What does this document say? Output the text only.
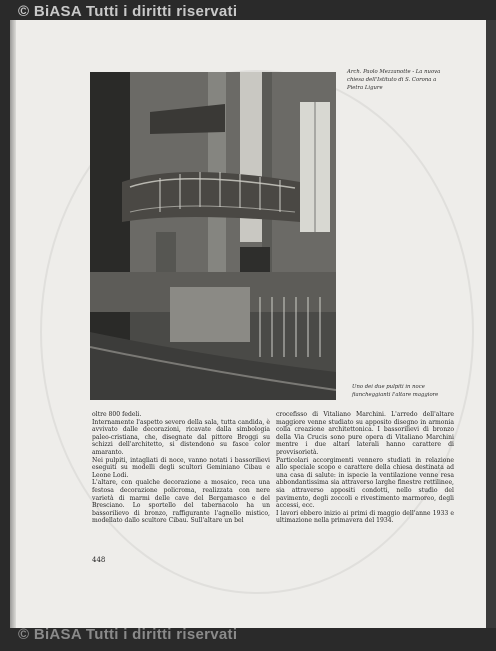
© BiASA Tutti i diritti riservati
Arch. Paolo Mezzanotte - La nuova chiesa dell'Istituto di S. Corona a Pietra Ligure
Uno dei due pulpiti in noce fiancheggianti l'altare maggiore

oltre 800 fedeli.

Internamente l'aspetto severo della sala, tutta candida, è avvivato dalle decorazioni, ricavate dalla simbologia paleo-cristiana, che, disegnate dal pittore Broggi su schizzi dell'architetto, si distendono su fasce color amaranto.

Nei pulpiti, intagliati di noce, vanno notati i bassorilievi eseguiti su modelli degli scultori Geminiano Cibau e Leone Lodi.

L'altare, con qualche decorazione a mosaico, reca una festosa decorazione policroma, realizzata con nere varietà di marmi delle cave del Bergamasco e del Bresciano. Lo sportello del tabernacolo ha un bassorilievo di bronzo, raffigurante l'agnello mistico, modellato dallo scultore Cibau. Sull'altare un bel

crocefisso di Vitaliano Marchini. L'arredo dell'altare maggiore venne studiato su apposito disegno in armonia colla creazione architettonica. I bassorilievi di bronzo della Via Crucis sono pure opera di Vitaliano Marchini mentre i due altari laterali hanno carattere di provvisorietà.

Particolari accorgimenti vennero studiati in relazione allo speciale scopo e carattere della chiesa destinata ad una casa di salute: in ispecie la ventilazione venne resa abbondantissima sia attraverso larghe finestre rettilinee, sia attraverso appositi condotti, nello studio del pavimento, degli zoccoli e rivestimento marmoreo, degli accessi, ecc.

I lavori ebbero inizio ai primi di maggio dell'anne 1933 e ultimazione nella primavera del 1934.

448
© BiASA Tutti i diritti riservati
